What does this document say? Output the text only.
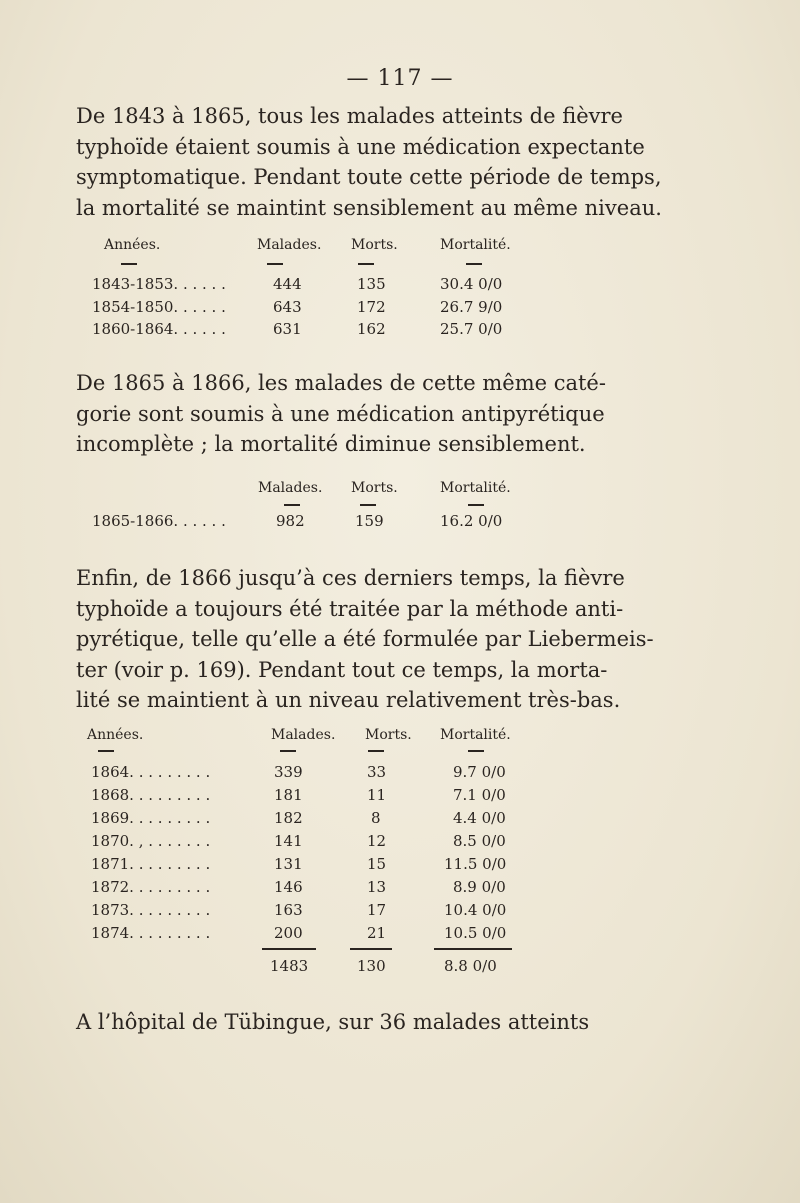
— 117 —
De 1843 à 1865, tous les malades atteints de fièvre
typhoïde étaient soumis à une médication expectante
symptomatique. Pendant toute cette période de temps,
la mortalité se maintint sensiblement au même niveau.
Années.	Malades. Morts.	Mortalité.
1843-1853. . . . . .	444	135	30.4 0/0
1854-1850. . . . . .	643	172	26.7 9/0
1860-1864. . . . . .	631	162	25.7 0/0
De 1865 à 1866, les malades de cette même caté-
gorie sont soumis à une médication antipyrétique
incomplète ; la mortalité diminue sensiblement.
Malades. Morts.	Mortalité.
1865-1866. . . . . .	982	159	16.2 0/0
Enfin, de 1866 jusqu’à ces derniers temps, la fièvre
typhoïde a toujours été traitée par la méthode anti-
pyrétique, telle qu’elle a été formulée par Liebermeis-
ter (voir p. 169). Pendant tout ce temps, la morta-
lité se maintient à un niveau relativement très-bas.
Années.	Malades. Morts. Mortalité.
1864. . . . . . . . .	339	33	9.7 0/0
1868. . . . . . . . .	181	11	7.1 0/0
1869. . . . . . . . .	182	8	4.4 0/0
1870. , . . . . . . .	141	12	8.5 0/0
1871. . . . . . . . .	131	15	11.5 0/0
1872. . . . . . . . .	146	13	8.9 0/0
1873. . . . . . . . .	163	17	10.4 0/0
1874. . . . . . . . .	200	21	10.5 0/0
1483	130	8.8 0/0
A l’hôpital de Tübingue, sur 36 malades atteints
